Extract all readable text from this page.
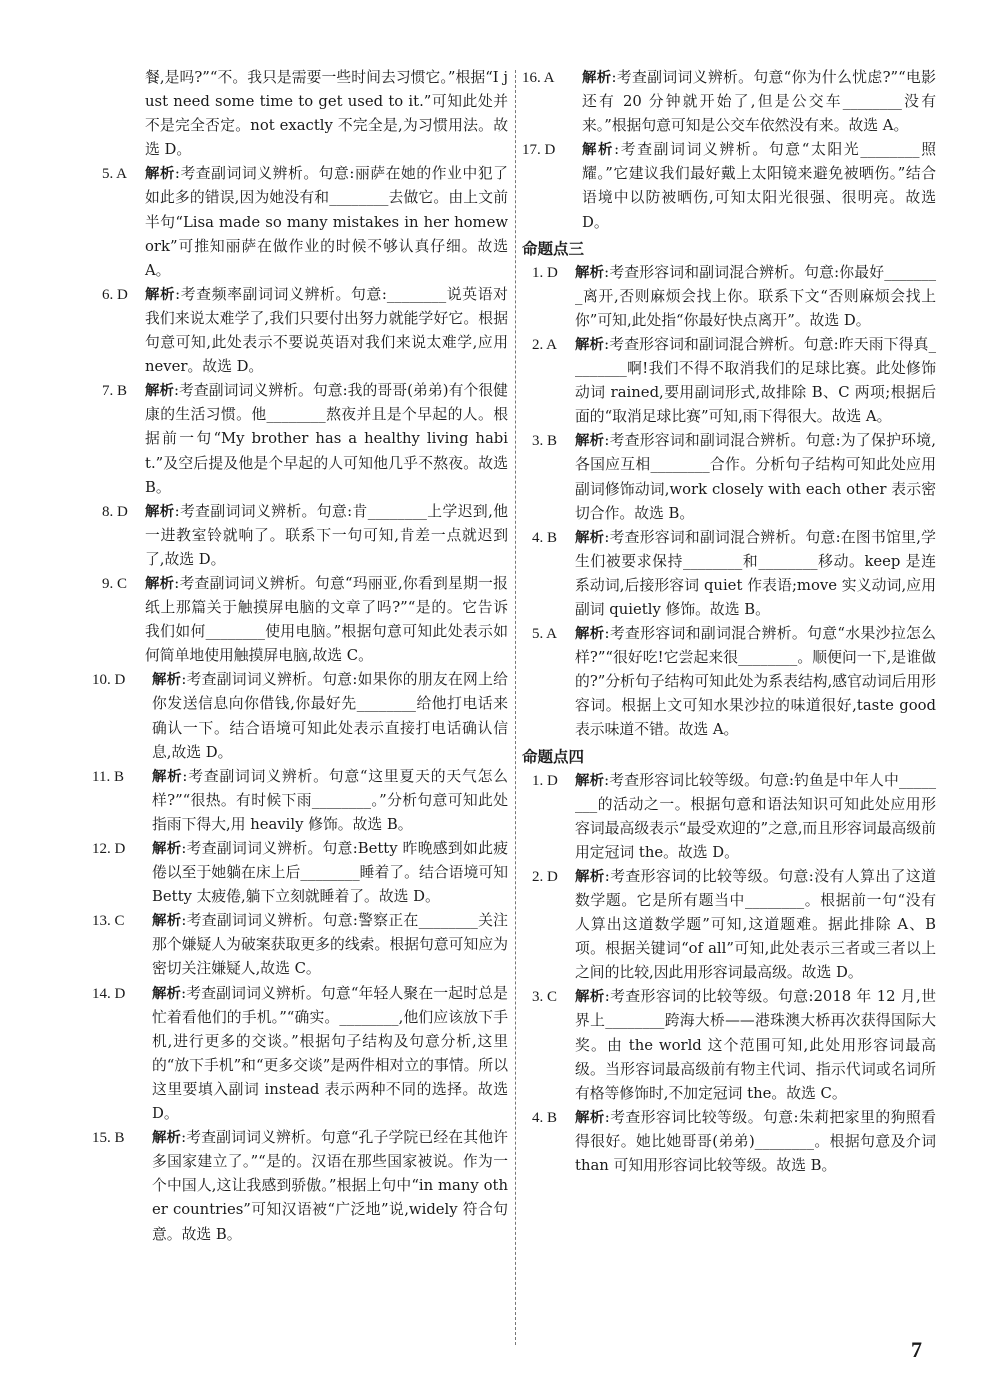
餐,是吗?”“不。我只是需要一些时间去习惯它。”根据“I just need some time to get used to it.”可知此处并不是完全否定。not exactly 不完全是,为习惯用法。故选 D。
5. A 解析:考查副词词义辨析。句意:丽萨在她的作业中犯了如此多的错误,因为她没有和________去做它。由上文前半句“Lisa made so many mistakes in her homework”可推知丽萨在做作业的时候不够认真仔细。故选 A。
6. D 解析:考查频率副词词义辨析。句意:________说英语对我们来说太难学了,我们只要付出努力就能学好它。根据句意可知,此处表示不要说英语对我们来说太难学,应用 never。故选 D。
7. B 解析:考查副词词义辨析。句意:我的哥哥(弟弟)有个很健康的生活习惯。他________熬夜并且是个早起的人。根据前一句“My brother has a healthy living habit.”及空后提及他是个早起的人可知他几乎不熬夜。故选 B。
8. D 解析:考查副词词义辨析。句意:肯________上学迟到,他一进教室铃就响了。联系下一句可知,肯差一点就迟到了,故选 D。
9. C 解析:考查副词词义辨析。句意“玛丽亚,你看到星期一报纸上那篇关于触摸屏电脑的文章了吗?”“是的。它告诉我们如何________使用电脑。”根据句意可知此处表示如何简单地使用触摸屏电脑,故选 C。
10. D 解析:考查副词词义辨析。句意:如果你的朋友在网上给你发送信息向你借钱,你最好先________给他打电话来确认一下。结合语境可知此处表示直接打电话确认信息,故选 D。
11. B 解析:考查副词词义辨析。句意“这里夏天的天气怎么样?”“很热。有时候下雨________。”分析句意可知此处指雨下得大,用 heavily 修饰。故选 B。
12. D 解析:考查副词词义辨析。句意:Betty 昨晚感到如此疲倦以至于她躺在床上后________睡着了。结合语境可知 Betty 太疲倦,躺下立刻就睡着了。故选 D。
13. C 解析:考查副词词义辨析。句意:警察正在________关注那个嫌疑人为破案获取更多的线索。根据句意可知应为密切关注嫌疑人,故选 C。
14. D 解析:考查副词词义辨析。句意“年轻人聚在一起时总是忙着看他们的手机。”“确实。________,他们应该放下手机,进行更多的交谈。”根据句子结构及句意分析,这里的“放下手机”和“更多交谈”是两件相对立的事情。所以这里要填入副词 instead 表示两种不同的选择。故选 D。
15. B 解析:考查副词词义辨析。句意“孔子学院已经在其他许多国家建立了。”“是的。汉语在那些国家被说。作为一个中国人,这让我感到骄傲。”根据上句中“in many other countries”可知汉语被“广泛地”说,widely 符合句意。故选 B。
16. A 解析:考查副词词义辨析。句意“你为什么忧虑?”“电影还有 20 分钟就开始了,但是公交车________没有来。”根据句意可知是公交车依然没有来。故选 A。
17. D 解析:考查副词词义辨析。句意“太阳光________照耀。”它建议我们最好戴上太阳镜来避免被晒伤。”结合语境中以防被晒伤,可知太阳光很强、很明亮。故选 D。
命题点三
1. D 解析:考查形容词和副词混合辨析。句意:你最好________离开,否则麻烦会找上你。联系下文“否则麻烦会找上你”可知,此处指“你最好快点离开”。故选 D。
2. A 解析:考查形容词和副词混合辨析。句意:昨天雨下得真________啊!我们不得不取消我们的足球比赛。此处修饰动词 rained,要用副词形式,故排除 B、C 两项;根据后面的“取消足球比赛”可知,雨下得很大。故选 A。
3. B 解析:考查形容词和副词混合辨析。句意:为了保护环境,各国应互相________合作。分析句子结构可知此处应用副词修饰动词,work closely with each other 表示密切合作。故选 B。
4. B 解析:考查形容词和副词混合辨析。句意:在图书馆里,学生们被要求保持________和________移动。keep 是连系动词,后接形容词 quiet 作表语;move 实义动词,应用副词 quietly 修饰。故选 B。
5. A 解析:考查形容词和副词混合辨析。句意“水果沙拉怎么样?”“很好吃!它尝起来很________。顺便问一下,是谁做的?”分析句子结构可知此处为系表结构,感官动词后用形容词。根据上文可知水果沙拉的味道很好,taste good 表示味道不错。故选 A。
命题点四
1. D 解析:考查形容词比较等级。句意:钓鱼是中年人中________的活动之一。根据句意和语法知识可知此处应用形容词最高级表示“最受欢迎的”之意,而且形容词最高级前用定冠词 the。故选 D。
2. D 解析:考查形容词的比较等级。句意:没有人算出了这道数学题。它是所有题当中________。根据前一句“没有人算出这道数学题”可知,这道题难。据此排除 A、B 项。根据关键词“of all”可知,此处表示三者或三者以上之间的比较,因此用形容词最高级。故选 D。
3. C 解析:考查形容词的比较等级。句意:2018 年 12 月,世界上________跨海大桥——港珠澳大桥再次获得国际大奖。由 the world 这个范围可知,此处用形容词最高级。当形容词最高级前有物主代词、指示代词或名词所有格等修饰时,不加定冠词 the。故选 C。
4. B 解析:考查形容词比较等级。句意:朱莉把家里的狗照看得很好。她比她哥哥(弟弟)________。根据句意及介词 than 可知用形容词比较等级。故选 B。
7
